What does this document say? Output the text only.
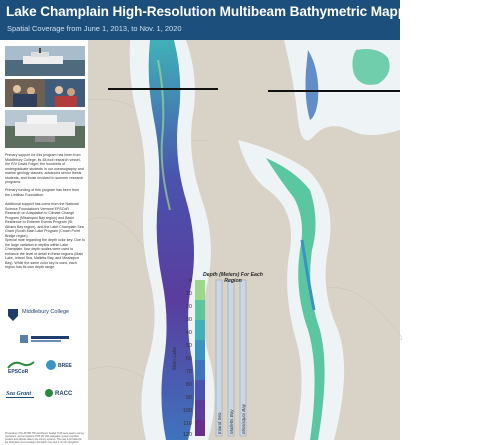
Lake Champlain High-Resolution Multibeam Bathymetric Mapping Program
Spatial Coverage from June 1, 2013, to Nov. 1, 2020
Primary support for this program has been from Middlebury College, its 48-foot research vessel, the R/V David Folger, the hundreds of undergraduate students in our oceanography and marine geology classes, advanced senior thesis students, and those involved in summer research programs.
Primary funding of this program has been from the Lintilhac Foundation.
Additional support has come from the National Science Foundation's Vermont EPSCoR Research on Adaptation to Climate Change Program (Missisquoi Bay region) and Basin Resilience to Extreme Events Program (St. Albans Bay region), and the Lake Champlain Sea Grant (South Main Lake Program (Crown Point Bridge region).
Special note regarding the depth color key: Due to the large variation in depths within Lake Champlain, four depth scales were used to enhance the level of detail in these regions (Main Lake, Inland Sea, Malletts Bay, and Missisquoi Bay). While the same color key is used, each region has its own depth range.
Middlebury College
EPSCoR
BREE
Sea Grant	RACC
Processing of the MVDD 765 and Reson Seabat 7125 were used in survey operations, and an Applanix POS MV 320 navigation system provided position and attitude data to the survey systems. The map is provided for the illustration and coverage information only and is not for navigation.
Depth (Meters) For Each Region
0
10
20
30
40
50
60
70
80
90
100
110
120
Main Lake
Inland Sea Malletts Bay Missisquoi Bay
